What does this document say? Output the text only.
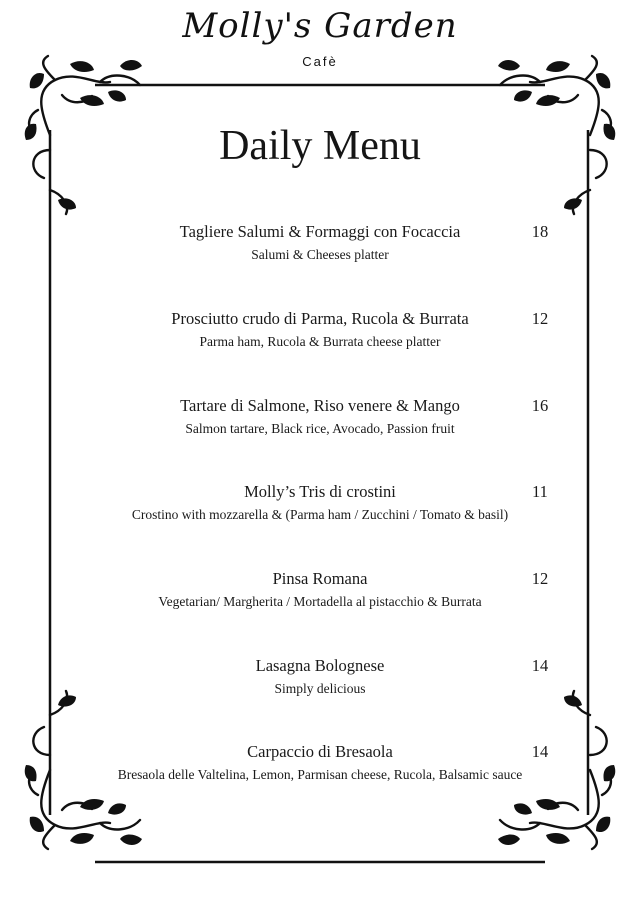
Molly's Garden
Cafè
Daily Menu
Tagliere Salumi & Formaggi con Focaccia	18
Salumi & Cheeses platter
Prosciutto crudo di Parma, Rucola & Burrata	12
Parma ham, Rucola & Burrata cheese platter
Tartare di Salmone, Riso venere & Mango	16
Salmon tartare, Black rice, Avocado, Passion fruit
Molly’s Tris di crostini	11
Crostino with mozzarella & (Parma ham / Zucchini / Tomato & basil)
Pinsa Romana	12
Vegetarian/ Margherita / Mortadella al pistacchio & Burrata
Lasagna Bolognese	14
Simply delicious
Carpaccio di Bresaola	14
Bresaola delle Valtelina, Lemon, Parmisan cheese, Rucola, Balsamic sauce
